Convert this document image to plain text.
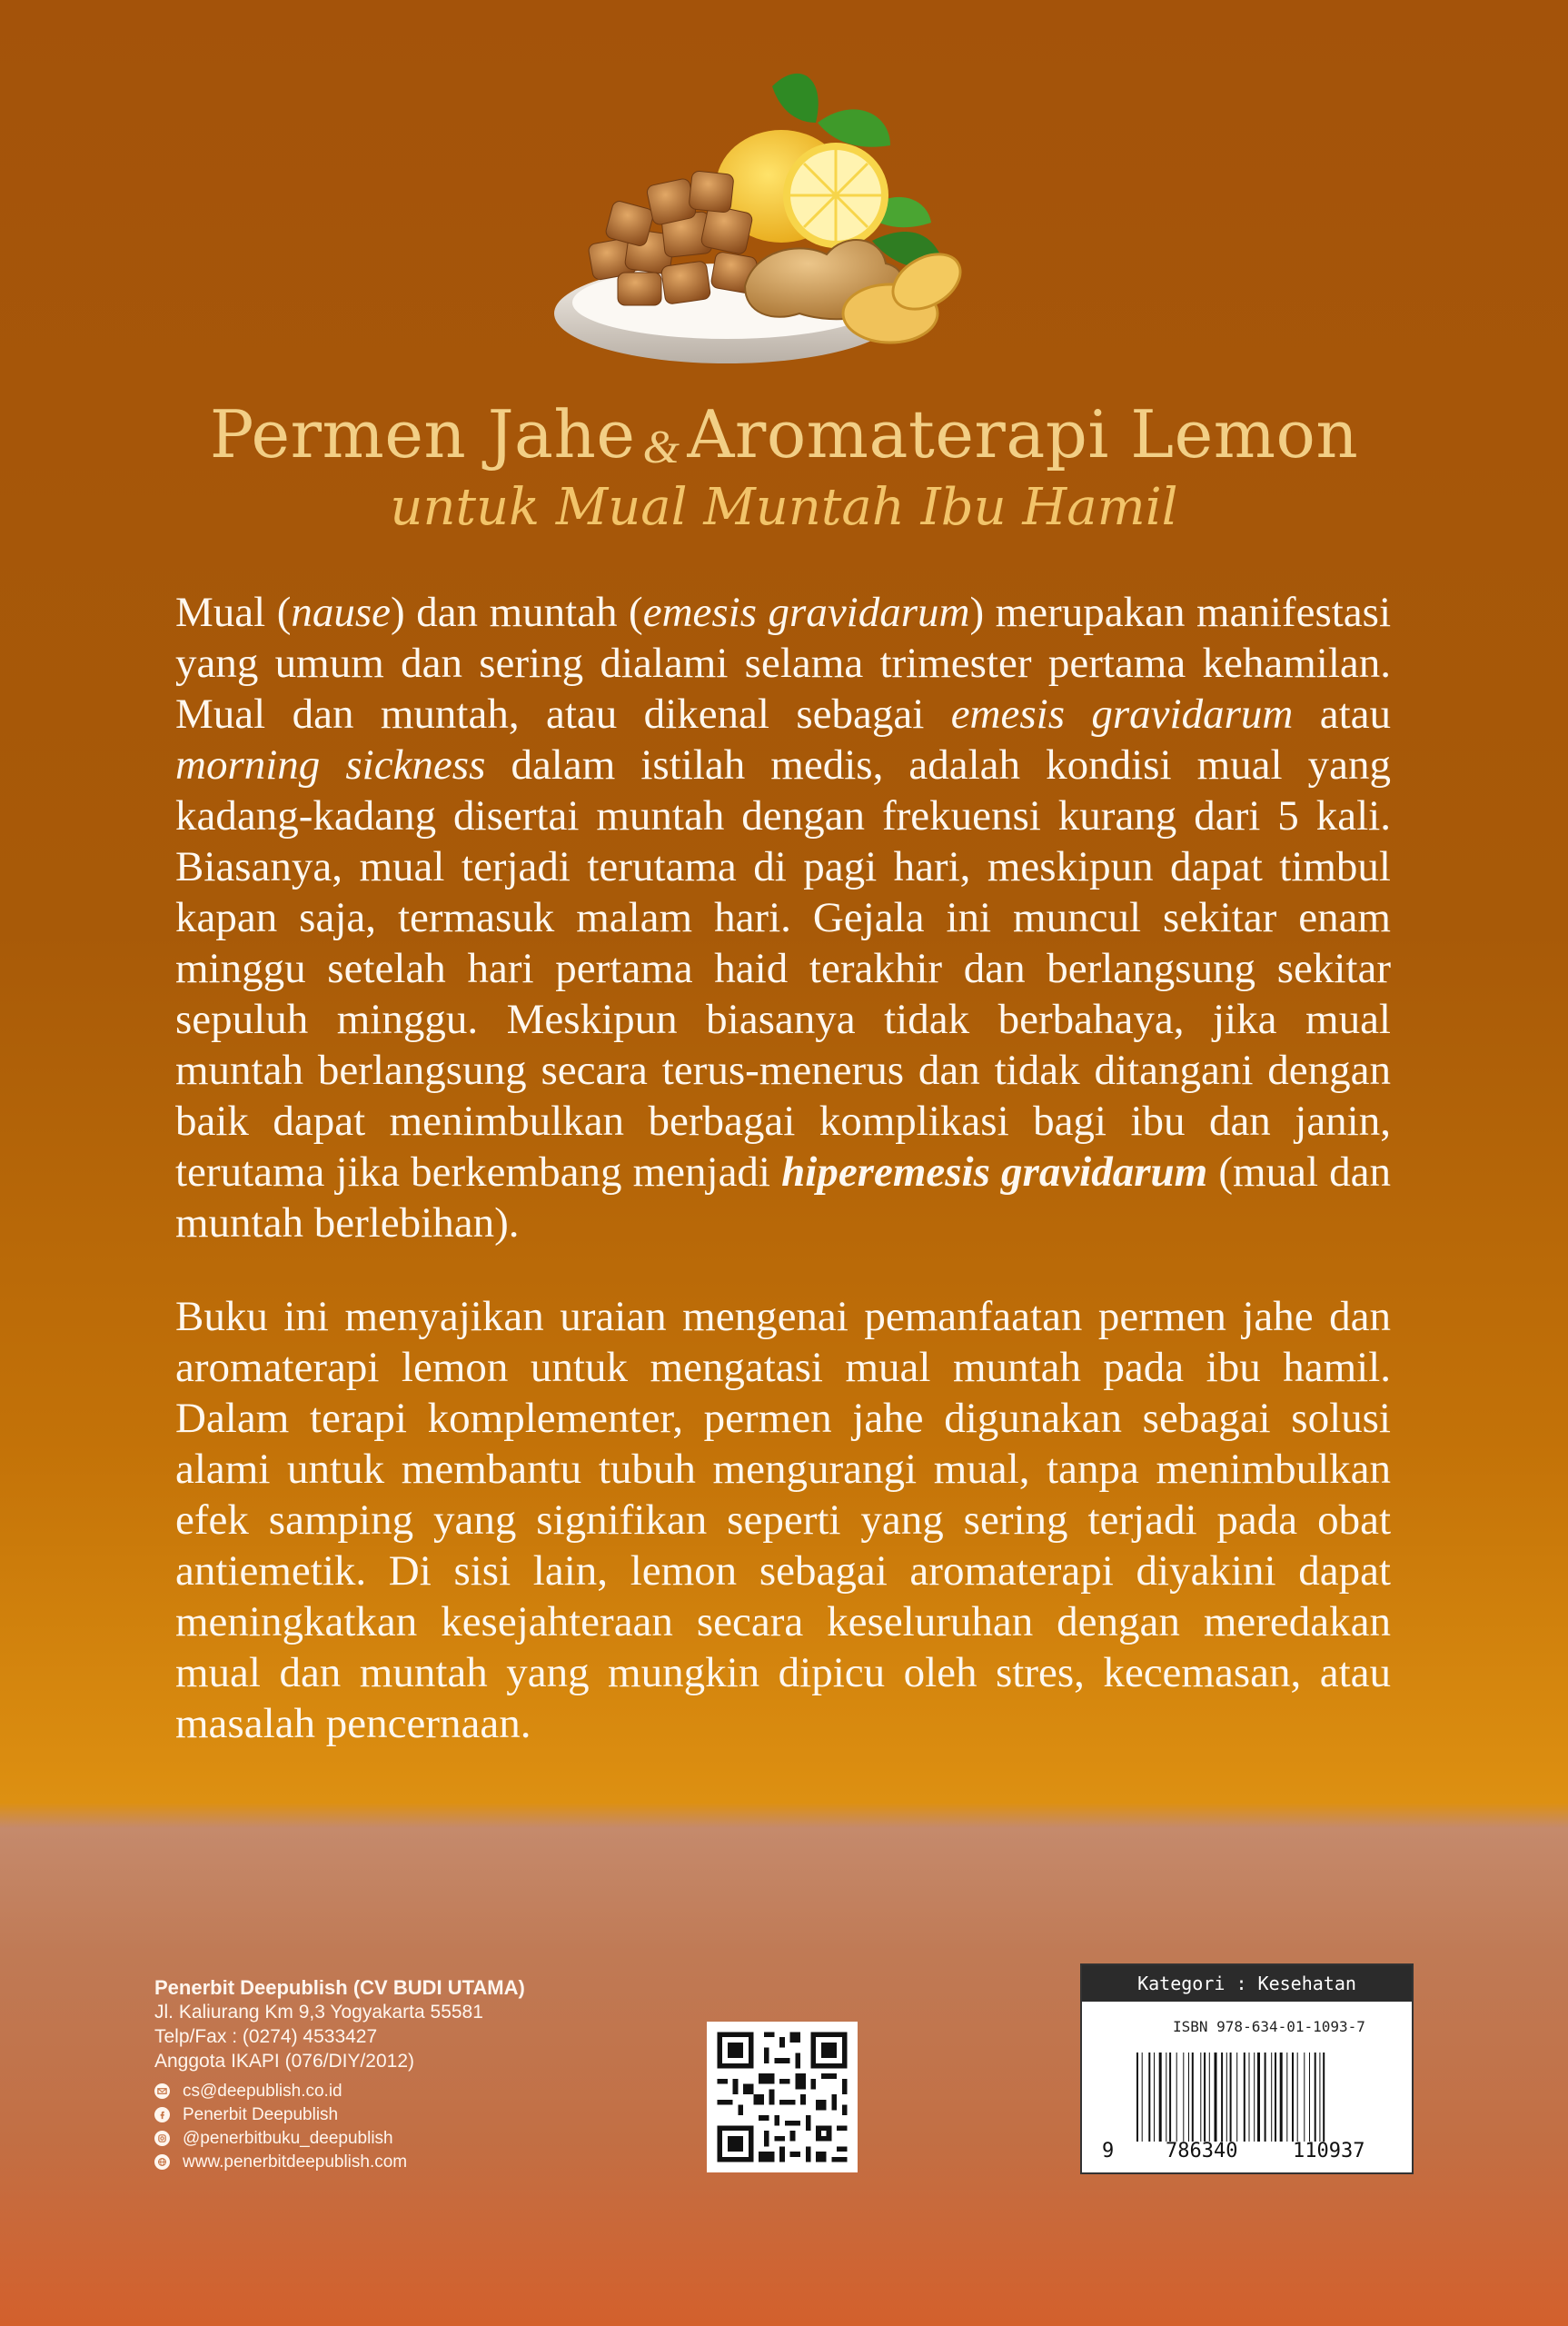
Permen Jahe & Aromaterapi Lemon
untuk Mual Muntah Ibu Hamil
Mual (nause) dan muntah (emesis gravidarum) merupakan manifestasi yang umum dan sering dialami selama trimester pertama kehamilan. Mual dan muntah, atau dikenal sebagai emesis gravidarum atau morning sickness dalam istilah medis, adalah kondisi mual yang kadang-kadang disertai muntah dengan frekuensi kurang dari 5 kali. Biasanya, mual terjadi terutama di pagi hari, meskipun dapat timbul kapan saja, termasuk malam hari. Gejala ini muncul sekitar enam minggu setelah hari pertama haid terakhir dan berlangsung sekitar sepuluh minggu. Meskipun biasanya tidak berbahaya, jika mual muntah berlangsung secara terus-menerus dan tidak ditangani dengan baik dapat menimbulkan berbagai komplikasi bagi ibu dan janin, terutama jika berkembang menjadi hiperemesis gravidarum (mual dan muntah berlebihan).
Buku ini menyajikan uraian mengenai pemanfaatan permen jahe dan aromaterapi lemon untuk mengatasi mual muntah pada ibu hamil. Dalam terapi komplementer, permen jahe digunakan sebagai solusi alami untuk membantu tubuh mengurangi mual, tanpa menimbulkan efek samping yang signifikan seperti yang sering terjadi pada obat antiemetik. Di sisi lain, lemon sebagai aromaterapi diyakini dapat meningkatkan kesejahteraan secara keseluruhan dengan meredakan mual dan muntah yang mungkin dipicu oleh stres, kecemasan, atau masalah pencernaan.
Penerbit Deepublish (CV BUDI UTAMA)
Jl. Kaliurang Km 9,3 Yogyakarta 55581
Telp/Fax : (0274) 4533427
Anggota IKAPI (076/DIY/2012)
cs@deepublish.co.id
Penerbit Deepublish
@penerbitbuku_deepublish
www.penerbitdeepublish.com
Kategori : Kesehatan
ISBN 978-634-01-1093-7
9	786340	110937
